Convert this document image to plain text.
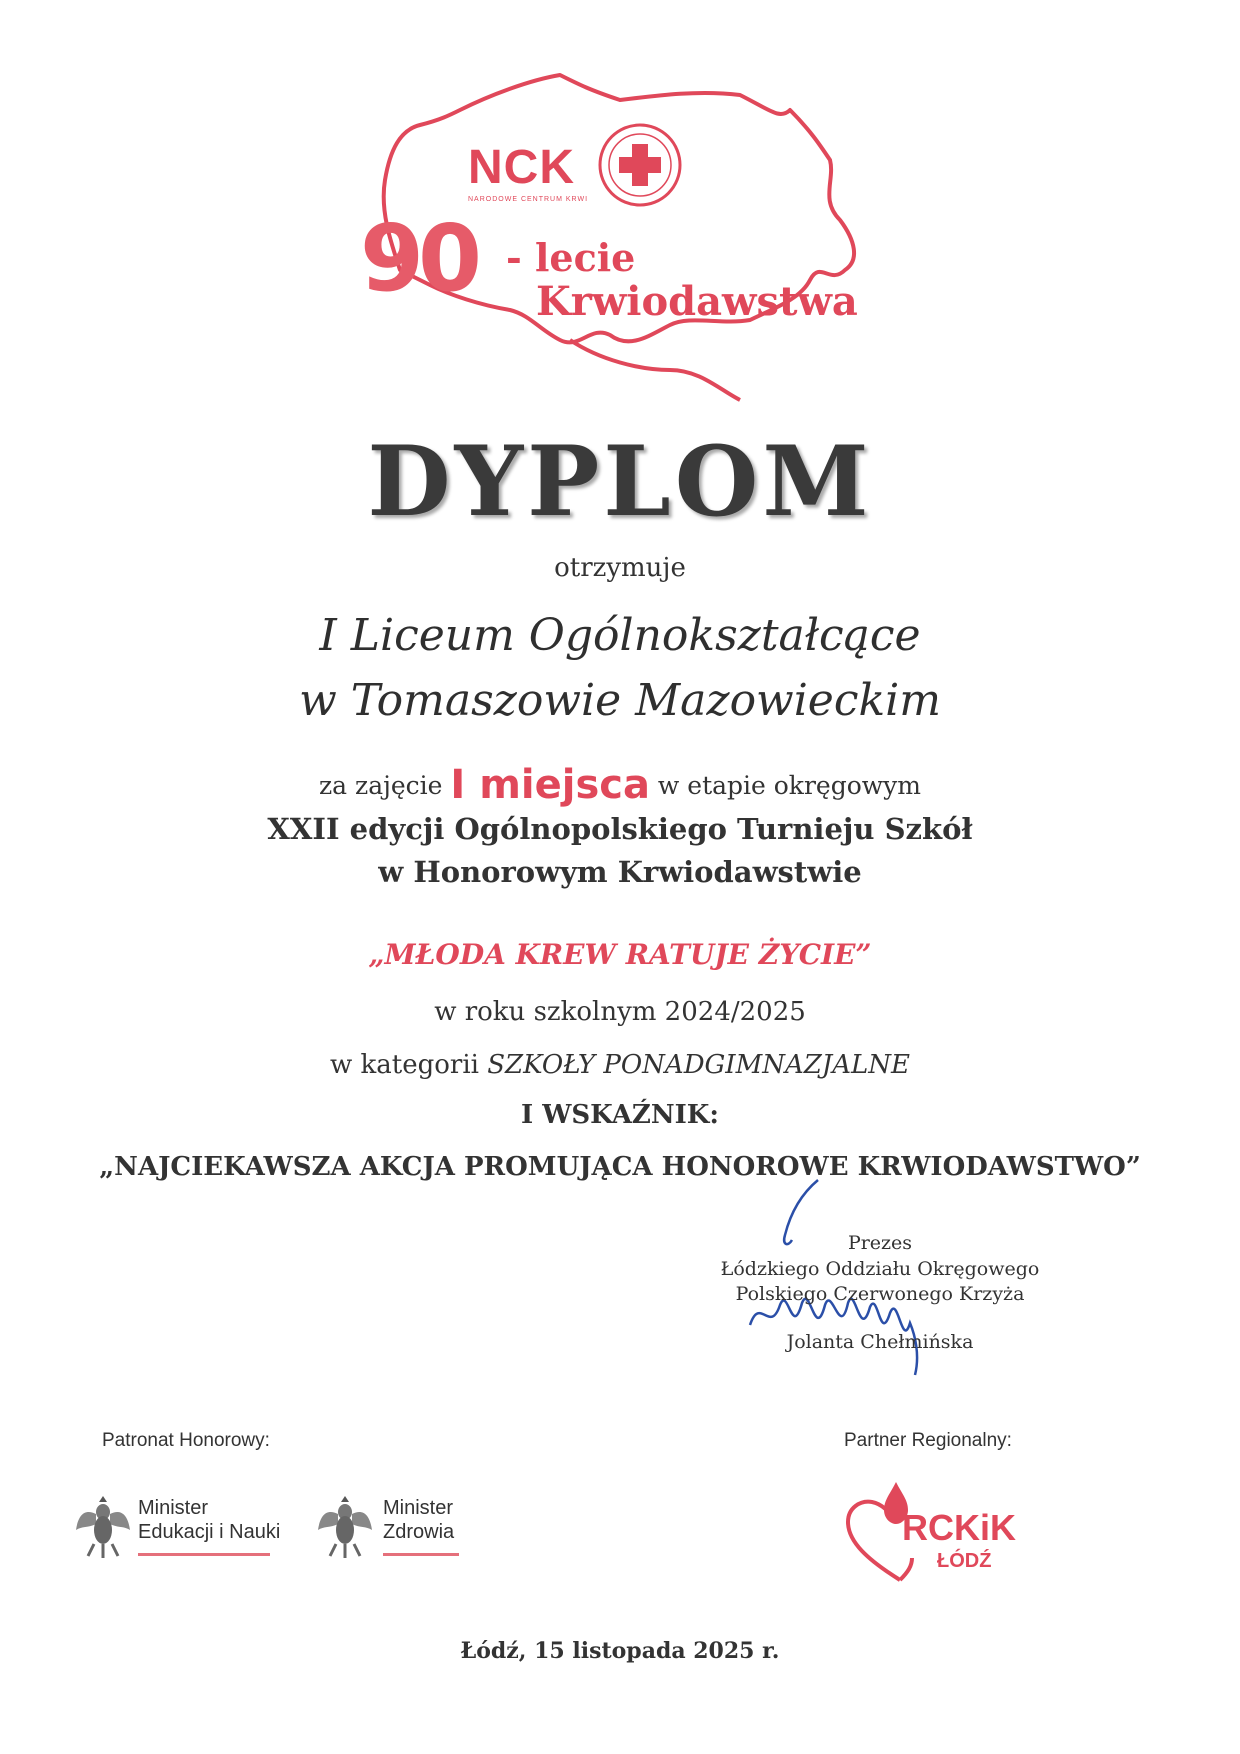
NCK
NARODOWE CENTRUM KRWI
90 - lecie
Krwiodawstwa
DYPLOM
otrzymuje
I Liceum Ogólnokształcące
w Tomaszowie Mazowieckim
za zajęcie I miejsca w etapie okręgowym
XXII edycji Ogólnopolskiego Turnieju Szkół
w Honorowym Krwiodawstwie
„MŁODA KREW RATUJE ŻYCIE”
w roku szkolnym 2024/2025
w kategorii SZKOŁY PONADGIMNAZJALNE
I WSKAŹNIK:
„NAJCIEKAWSZA AKCJA PROMUJĄCA HONOROWE KRWIODAWSTWO”
Prezes
Łódzkiego Oddziału Okręgowego
Polskiego Czerwonego Krzyża
Jolanta Chełmińska
Patronat Honorowy:	Partner Regionalny:
Minister
Edukacji i Nauki
Minister
Zdrowia	RCKiK
ŁÓDŹ
Łódź, 15 listopada 2025 r.
